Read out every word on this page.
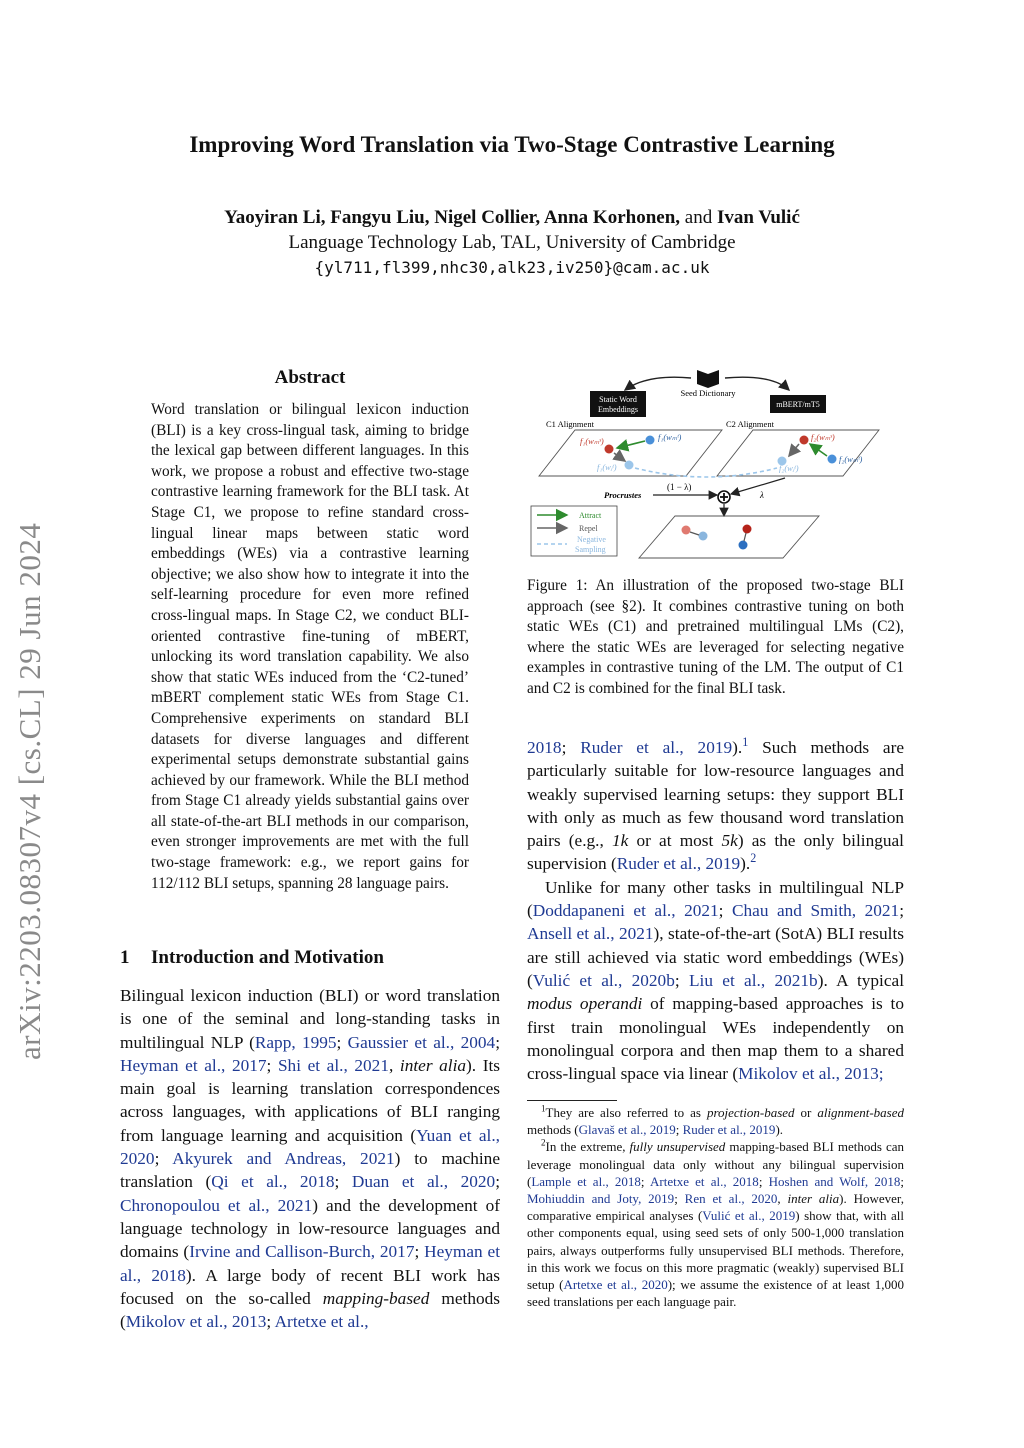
arXiv:2203.08307v4 [cs.CL] 29 Jun 2024
Improving Word Translation via Two-Stage Contrastive Learning
Yaoyiran Li, Fangyu Liu, Nigel Collier, Anna Korhonen, and Ivan Vulić
Language Technology Lab, TAL, University of Cambridge
{yl711,fl399,nhc30,alk23,iv250}@cam.ac.uk
Abstract
Word translation or bilingual lexicon induction (BLI) is a key cross-lingual task, aiming to bridge the lexical gap between different languages. In this work, we propose a robust and effective two-stage contrastive learning framework for the BLI task. At Stage C1, we propose to refine standard cross-lingual linear maps between static word embeddings (WEs) via a contrastive learning objective; we also show how to integrate it into the self-learning procedure for even more refined cross-lingual maps. In Stage C2, we conduct BLI-oriented contrastive fine-tuning of mBERT, unlocking its word translation capability. We also show that static WEs induced from the ‘C2-tuned’ mBERT complement static WEs from Stage C1. Comprehensive experiments on standard BLI datasets for diverse languages and different experimental setups demonstrate substantial gains achieved by our framework. While the BLI method from Stage C1 already yields substantial gains over all state-of-the-art BLI methods in our comparison, even stronger improvements are met with the full two-stage framework: e.g., we report gains for 112/112 BLI setups, spanning 28 language pairs.
1 Introduction and Motivation
Bilingual lexicon induction (BLI) or word translation is one of the seminal and long-standing tasks in multilingual NLP (Rapp, 1995; Gaussier et al., 2004; Heyman et al., 2017; Shi et al., 2021, inter alia). Its main goal is learning translation correspondences across languages, with applications of BLI ranging from language learning and acquisition (Yuan et al., 2020; Akyurek and Andreas, 2021) to machine translation (Qi et al., 2018; Duan et al., 2020; Chronopoulou et al., 2021) and the development of language technology in low-resource languages and domains (Irvine and Callison-Burch, 2017; Heyman et al., 2018). A large body of recent BLI work has focused on the so-called mapping-based methods (Mikolov et al., 2013; Artetxe et al.,
Seed Dictionary
Static Word
Embeddings
mBERT/mT5
C1 Alignment	C2 Alignment
f₁(wₘˢ)	f₁(wₘᵗ)
f₁(wⱼᵗ)
f₂(wₘˢ)
f₂(wₘᵗ)
f₂(wⱼᵗ)
Procrustes
(1 − λ)
λ
Attract
Repel
Negative
Sampling
Figure 1: An illustration of the proposed two-stage BLI approach (see §2). It combines contrastive tuning on both static WEs (C1) and pretrained multilingual LMs (C2), where the static WEs are leveraged for selecting negative examples in contrastive tuning of the LM. The output of C1 and C2 is combined for the final BLI task.

2018; Ruder et al., 2019).$^1$ Such methods are particularly suitable for low-resource languages and weakly supervised learning setups: they support BLI with only as much as few thousand word translation pairs (e.g., 1k or at most 5k) as the only bilingual supervision (Ruder et al., 2019).$^2$

Unlike for many other tasks in multilingual NLP (Doddapaneni et al., 2021; Chau and Smith, 2021; Ansell et al., 2021), state-of-the-art (SotA) BLI results are still achieved via static word embeddings (WEs) (Vulić et al., 2020b; Liu et al., 2021b). A typical modus operandi of mapping-based approaches is to first train monolingual WEs independently on monolingual corpora and then map them to a shared cross-lingual space via linear (Mikolov et al., 2013;

$^1$They are also referred to as projection-based or alignment-based methods (Glavaš et al., 2019; Ruder et al., 2019).

$^2$In the extreme, fully unsupervised mapping-based BLI methods can leverage monolingual data only without any bilingual supervision (Lample et al., 2018; Artetxe et al., 2018; Hoshen and Wolf, 2018; Mohiuddin and Joty, 2019; Ren et al., 2020, inter alia). However, comparative empirical analyses (Vulić et al., 2019) show that, with all other components equal, using seed sets of only 500-1,000 translation pairs, always outperforms fully unsupervised BLI methods. Therefore, in this work we focus on this more pragmatic (weakly) supervised BLI setup (Artetxe et al., 2020); we assume the existence of at least 1,000 seed translations per each language pair.
